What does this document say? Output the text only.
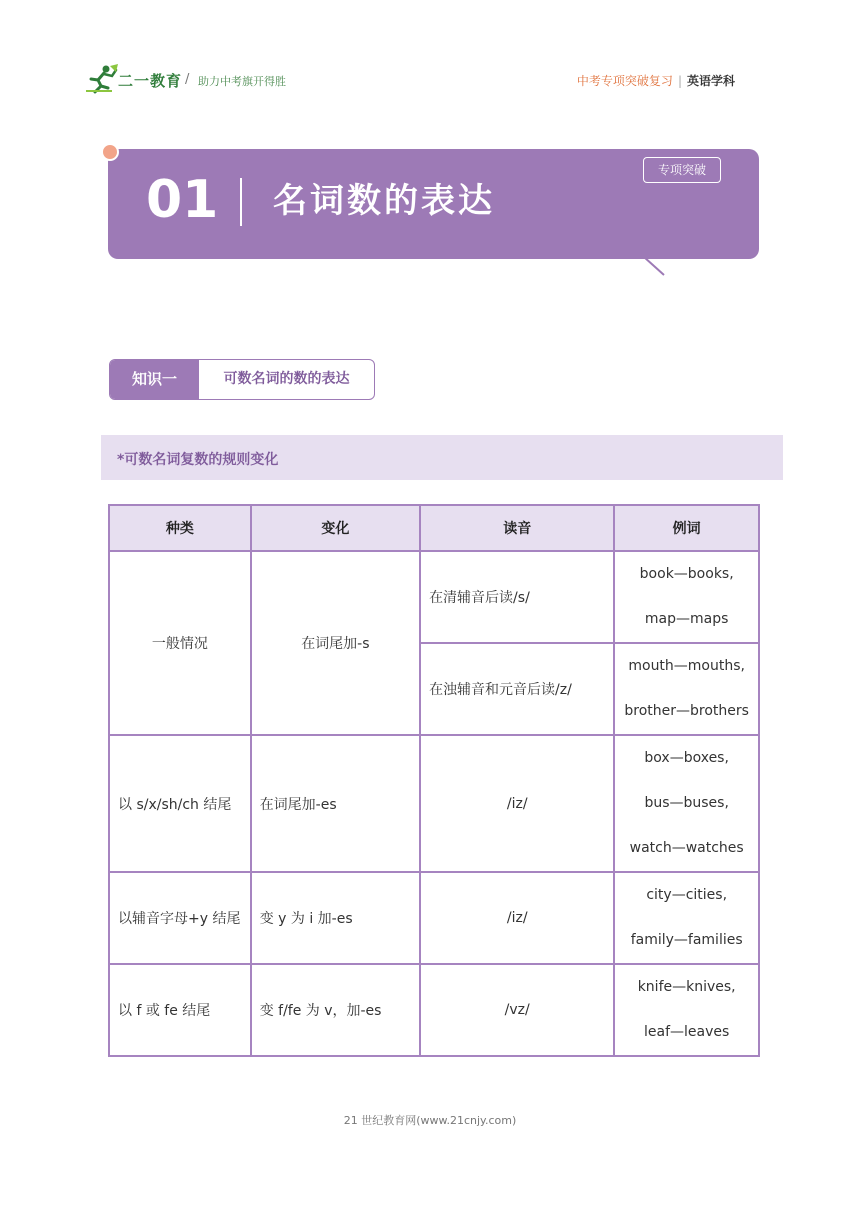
二一教育 / 助力中考旗开得胜	中考专项突破复习 | 英语学科
01 名词数的表达
专项突破
知识一	可数名词的数的表达
*可数名词复数的规则变化
种类	变化	读音	例词
一般情况	在词尾加-s	在清辅音后读/s/	book—books,
map—maps

		在浊辅音和元音后读/z/	mouth—mouths,
brother—brothers

以 s/x/sh/ch 结尾	在词尾加-es	/iz/	box—boxes,
bus—buses,
watch—watches

以辅音字母+y 结尾	变 y 为 i 加-es	/iz/	city—cities,
family—families

以 f 或 fe 结尾	变 f/fe 为 v，加-es	/vz/	knife—knives,
leaf—leaves
21 世纪教育网(www.21cnjy.com)
